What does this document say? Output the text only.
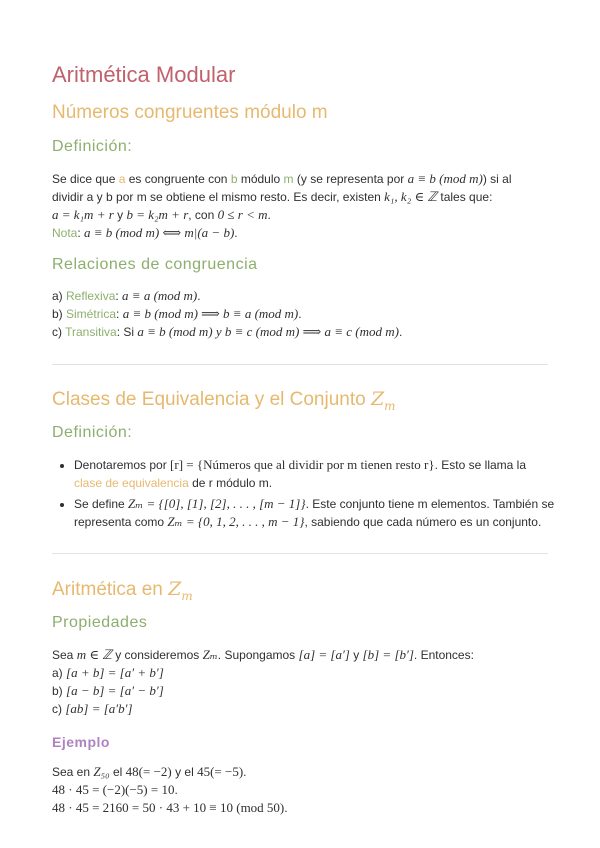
Aritmética Modular
Números congruentes módulo m
Definición:
Se dice que a es congruente con b módulo m (y se representa por a ≡ b (mod m)) si al
dividir a y b por m se obtiene el mismo resto. Es decir, existen k₁, k₂ ∈ ℤ tales que:
a = k₁m + r y b = k₂m + r, con 0 ≤ r < m.
Nota: a ≡ b (mod m) ⟺ m|(a − b).
Relaciones de congruencia
a) Reflexiva: a ≡ a (mod m).
b) Simétrica: a ≡ b (mod m) ⟹ b ≡ a (mod m).
c) Transitiva: Si a ≡ b (mod m) y b ≡ c (mod m) ⟹ a ≡ c (mod m).
Clases de Equivalencia y el Conjunto $Z_m$
Definición:
• Denotaremos por [r] = {Números que al dividir por m tienen resto r}. Esto se llama la
clase de equivalencia de r módulo m.
• Se define Zₘ = {[0], [1], [2], . . . , [m − 1]}. Este conjunto tiene m elementos. También se
representa como Zₘ = {0, 1, 2, . . . , m − 1}, sabiendo que cada número es un conjunto.
Aritmética en $Z_m$
Propiedades
Sea m ∈ ℤ y consideremos Zₘ. Supongamos [a] = [a′] y [b] = [b′]. Entonces:
a) [a + b] = [a′ + b′]
b) [a − b] = [a′ − b′]
c) [ab] = [a′b′]
Ejemplo
Sea en Z₅₀ el 48(= −2) y el 45(= −5).
48 · 45 = (−2)(−5) = 10.
48 · 45 = 2160 = 50 · 43 + 10 ≡ 10 (mod 50).
